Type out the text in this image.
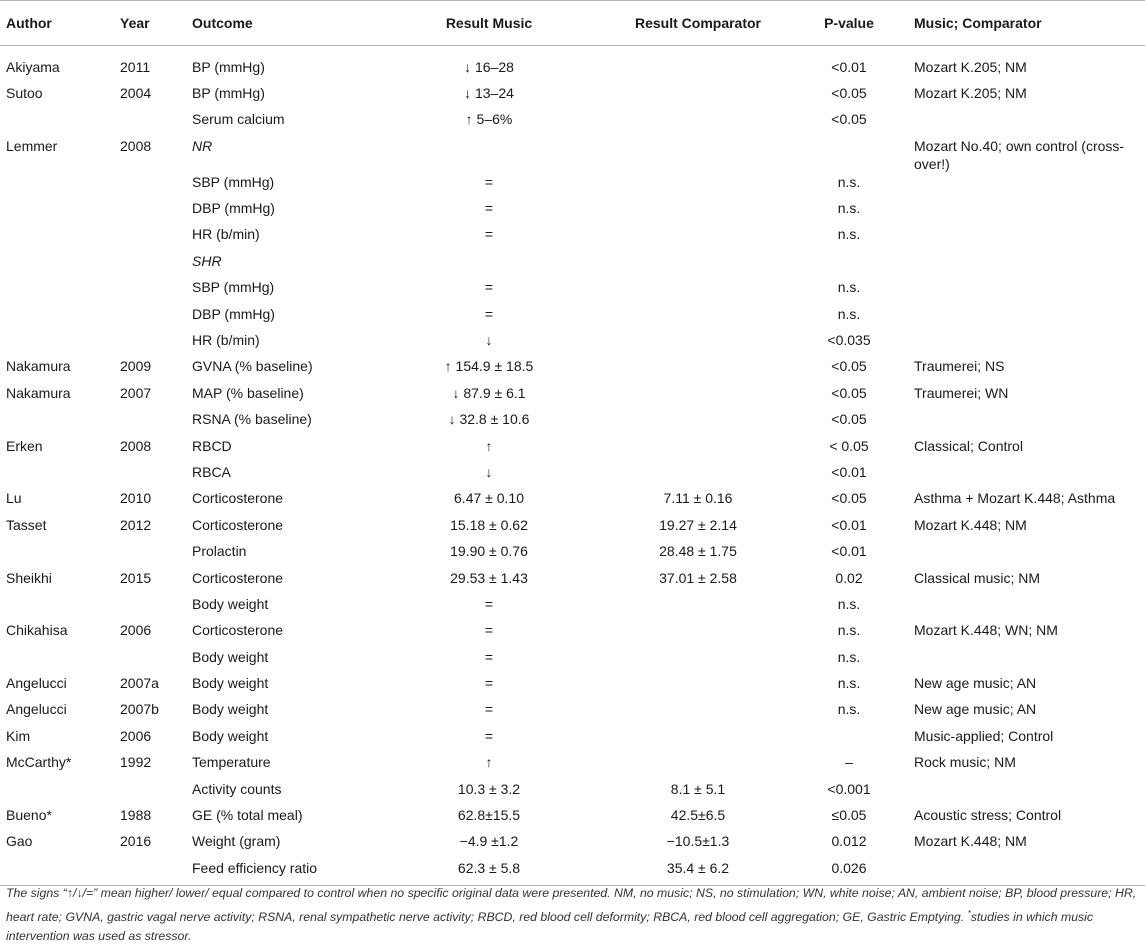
Author	Year	Outcome	Result Music	Result Comparator	P-value	Music; Comparator

Akiyama	2011	BP (mmHg)	↓ 16–28		<0.01	Mozart K.205; NM
Sutoo	2004	BP (mmHg)	↓ 13–24		<0.05	Mozart K.205; NM
		Serum calcium	↑ 5–6%		<0.05	
Lemmer	2008	NR				Mozart No.40; own control (cross-over!)
		SBP (mmHg)	=		n.s.	
		DBP (mmHg)	=		n.s.	
		HR (b/min)	=		n.s.	
		SHR				
		SBP (mmHg)	=		n.s.	
		DBP (mmHg)	=		n.s.	
		HR (b/min)	↓		<0.035	
Nakamura	2009	GVNA (% baseline)	↑ 154.9 ± 18.5		<0.05	Traumerei; NS
Nakamura	2007	MAP (% baseline)	↓ 87.9 ± 6.1		<0.05	Traumerei; WN
		RSNA (% baseline)	↓ 32.8 ± 10.6		<0.05	
Erken	2008	RBCD	↑		< 0.05	Classical; Control
		RBCA	↓		<0.01	
Lu	2010	Corticosterone	6.47 ± 0.10	7.11 ± 0.16	<0.05	Asthma + Mozart K.448; Asthma
Tasset	2012	Corticosterone	15.18 ± 0.62	19.27 ± 2.14	<0.01	Mozart K.448; NM
		Prolactin	19.90 ± 0.76	28.48 ± 1.75	<0.01	
Sheikhi	2015	Corticosterone	29.53 ± 1.43	37.01 ± 2.58	0.02	Classical music; NM
		Body weight	=		n.s.	
Chikahisa	2006	Corticosterone	=		n.s.	Mozart K.448; WN; NM
		Body weight	=		n.s.	
Angelucci	2007a	Body weight	=		n.s.	New age music; AN
Angelucci	2007b	Body weight	=		n.s.	New age music; AN
Kim	2006	Body weight	=			Music-applied; Control
McCarthy*	1992	Temperature	↑		–	Rock music; NM
		Activity counts	10.3 ± 3.2	8.1 ± 5.1	<0.001	
Bueno*	1988	GE (% total meal)	62.8±15.5	42.5±6.5	≤0.05	Acoustic stress; Control
Gao	2016	Weight (gram)	−4.9 ±1.2	−10.5±1.3	0.012	Mozart K.448; NM
		Feed efficiency ratio	62.3 ± 5.8	35.4 ± 6.2	0.026	
The signs “↑/↓/=” mean higher/ lower/ equal compared to control when no specific original data were presented. NM, no music; NS, no stimulation; WN, white noise; AN, ambient noise; BP, blood pressure; HR, heart rate; GVNA, gastric vagal nerve activity; RSNA, renal sympathetic nerve activity; RBCD, red blood cell deformity; RBCA, red blood cell aggregation; GE, Gastric Emptying. *studies in which music intervention was used as stressor.
